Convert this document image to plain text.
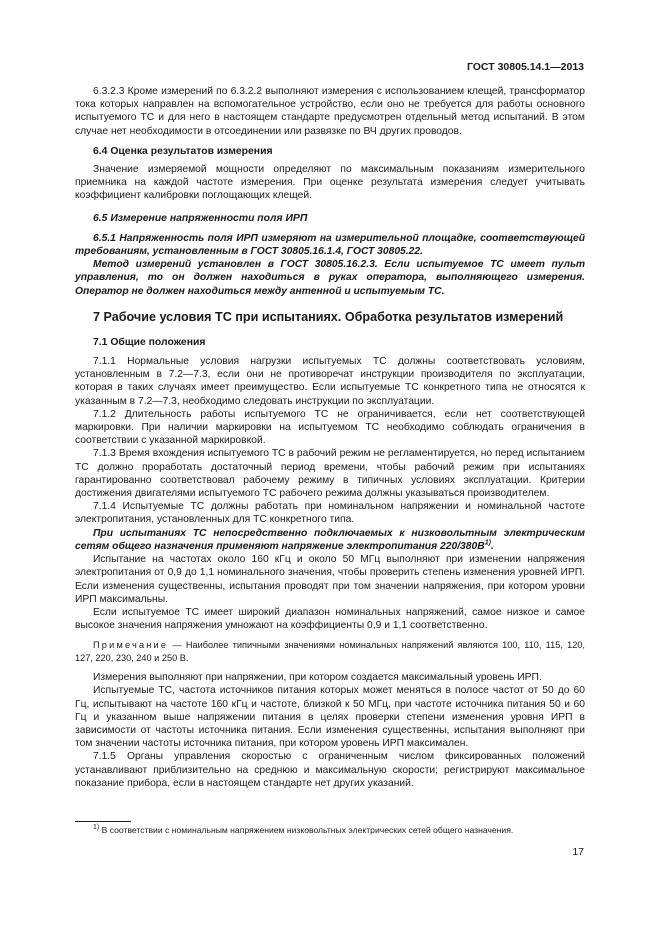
ГОСТ 30805.14.1—2013

6.3.2.3 Кроме измерений по 6.3.2.2 выполняют измерения с использованием клещей, трансформатор тока которых направлен на вспомогательное устройство, если оно не требуется для работы основного испытуемого ТС и для него в настоящем стандарте предусмотрен отдельный метод испытаний. В этом случае нет необходимости в отсоединении или развязке по ВЧ других проводов.

6.4 Оценка результатов измерения

Значение измеряемой мощности определяют по максимальным показаниям измерительного приемника на каждой частоте измерения. При оценке результата измерения следует учитывать коэффициент калибровки поглощающих клещей.

6.5 Измерение напряженности поля ИРП

6.5.1 Напряженность поля ИРП измеряют на измерительной площадке, соответствующей требованиям, установленным в ГОСТ 30805.16.1.4, ГОСТ 30805.22.

Метод измерений установлен в ГОСТ 30805.16.2.3. Если испытуемое ТС имеет пульт управления, то он должен находиться в руках оператора, выполняющего измерения. Оператор не должен находиться между антенной и испытуемым ТС.

7 Рабочие условия ТС при испытаниях. Обработка результатов измерений

7.1 Общие положения

7.1.1 Нормальные условия нагрузки испытуемых ТС должны соответствовать условиям, установленным в 7.2—7.3, если они не противоречат инструкции производителя по эксплуатации, которая в таких случаях имеет преимущество. Если испытуемые ТС конкретного типа не относятся к указанным в 7.2—7.3, необходимо следовать инструкции по эксплуатации.

7.1.2 Длительность работы испытуемого ТС не ограничивается, если нет соответствующей маркировки. При наличии маркировки на испытуемом ТС необходимо соблюдать ограничения в соответствии с указанной маркировкой.

7.1.3 Время вхождения испытуемого ТС в рабочий режим не регламентируется, но перед испытанием ТС должно проработать достаточный период времени, чтобы рабочий режим при испытаниях гарантированно соответствовал рабочему режиму в типичных условиях эксплуатации. Критерии достижения двигателями испытуемого ТС рабочего режима должны указываться производителем.

7.1.4 Испытуемые ТС должны работать при номинальном напряжении и номинальной частоте электропитания, установленных для ТС конкретного типа.

При испытаниях ТС непосредственно подключаемых к низковольтным электрическим сетям общего назначения применяют напряжение электропитания $220/380В^{1)}$.

Испытание на частотах около 160 кГц и около 50 МГц выполняют при изменении напряжения электропитания от 0,9 до 1,1 номинального значения, чтобы проверить степень изменения уровней ИРП. Если изменения существенны, испытания проводят при том значении напряжения, при котором уровни ИРП максимальны.

Если испытуемое ТС имеет широкий диапазон номинальных напряжений, самое низкое и самое высокое значения напряжения умножают на коэффициенты 0,9 и 1,1 соответственно.

Примечание — Наиболее типичными значениями номинальных напряжений являются 100, 110, 115, 120, 127, 220, 230, 240 и 250 В.

Измерения выполняют при напряжении, при котором создается максимальный уровень ИРП.

Испытуемые ТС, частота источников питания которых может меняться в полосе частот от 50 до 60 Гц, испытывают на частоте 160 кГц и частоте, близкой к 50 МГц, при частоте источника питания 50 и 60 Гц и указанном выше напряжении питания в целях проверки степени изменения уровня ИРП в зависимости от частоты источника питания. Если изменения существенны, испытания выполняют при том значении частоты источника питания, при котором уровень ИРП максимален.

7.1.5 Органы управления скоростью с ограниченным числом фиксированных положений устанавливают приблизительно на среднюю и максимальную скорости; регистрируют максимальное показание прибора, если в настоящем стандарте нет других указаний.

$^{1)}$ В соответствии с номинальным напряжением низковольтных электрических сетей общего назначения.

17
